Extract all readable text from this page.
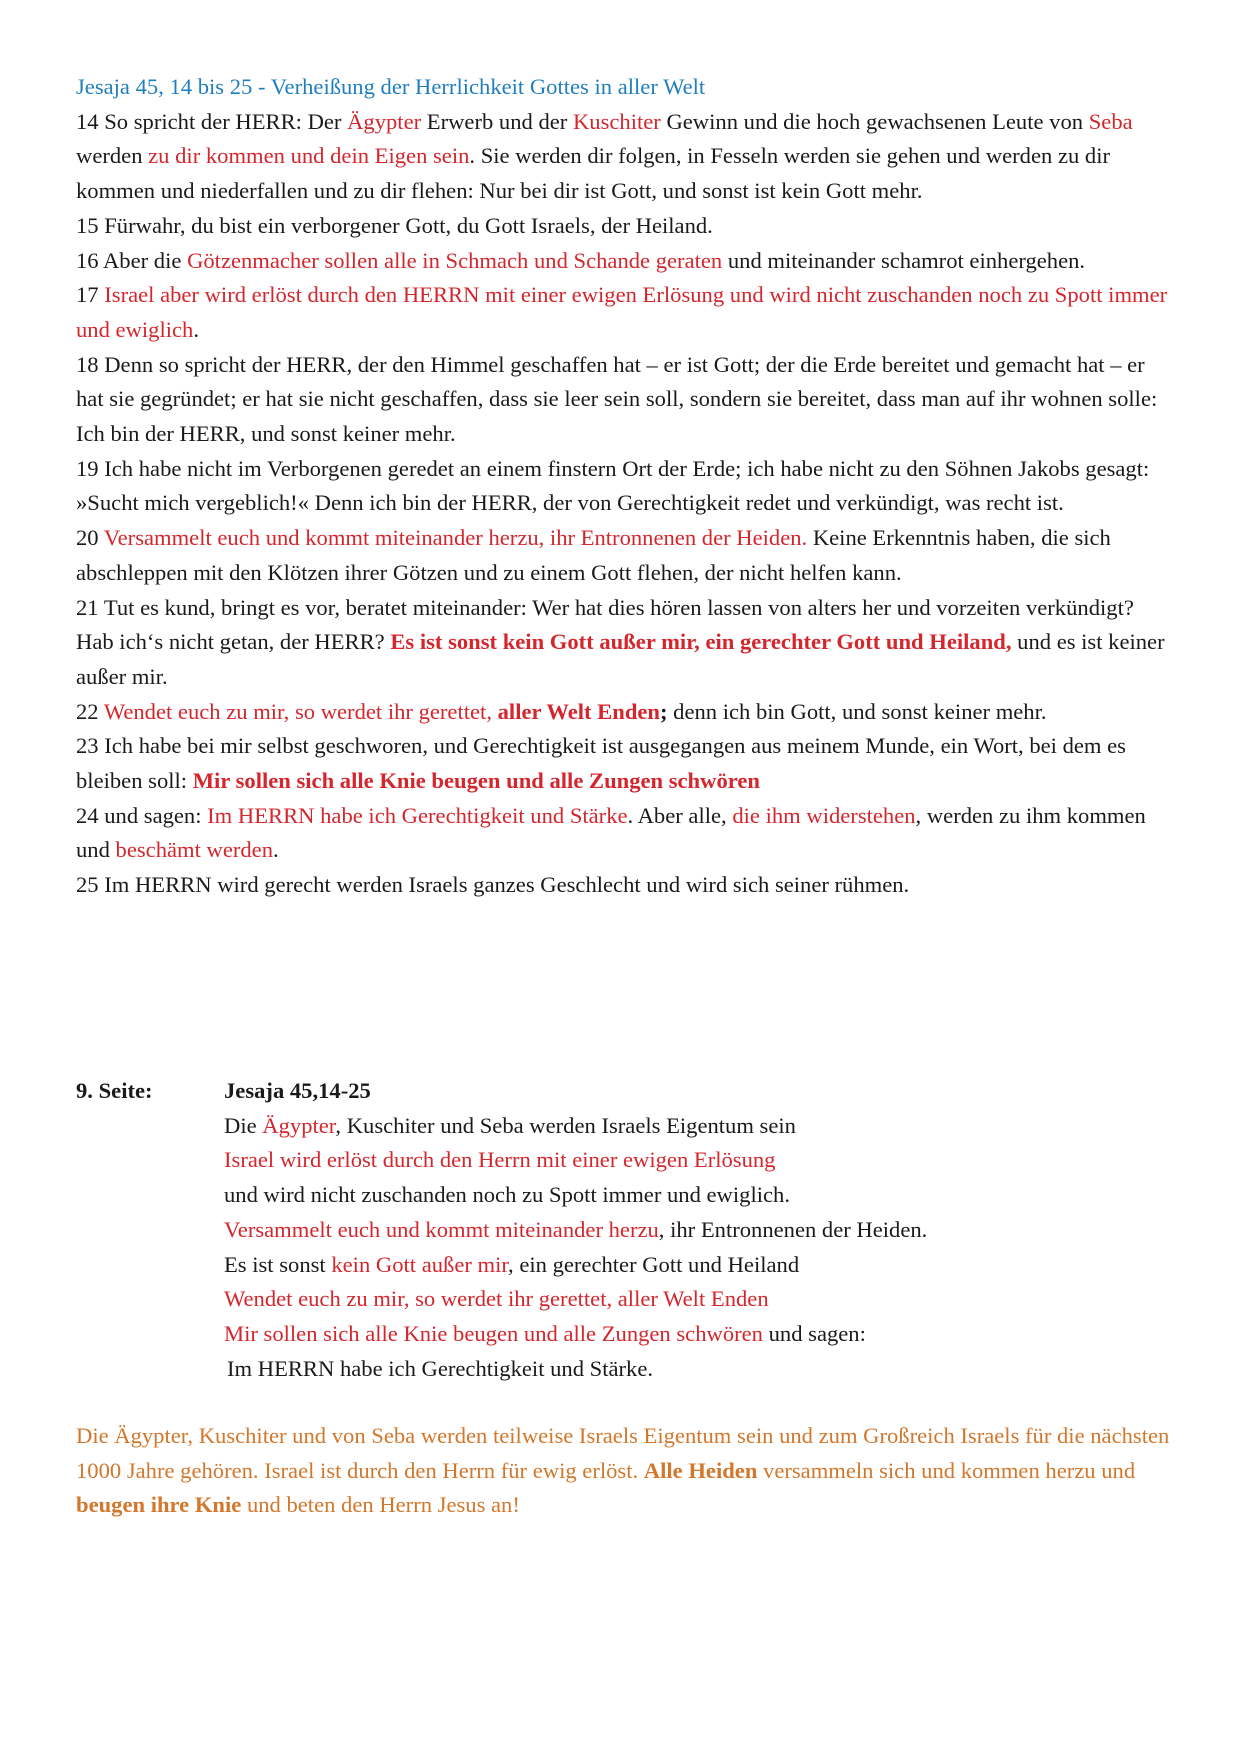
Jesaja 45, 14 bis 25 - Verheißung der Herrlichkeit Gottes in aller Welt
14 So spricht der HERR: Der Ägypter Erwerb und der Kuschiter Gewinn und die hoch gewachsenen Leute von Seba werden zu dir kommen und dein Eigen sein. Sie werden dir folgen, in Fesseln werden sie gehen und werden zu dir kommen und niederfallen und zu dir flehen: Nur bei dir ist Gott, und sonst ist kein Gott mehr.
15 Fürwahr, du bist ein verborgener Gott, du Gott Israels, der Heiland.
16 Aber die Götzenmacher sollen alle in Schmach und Schande geraten und miteinander schamrot einhergehen.
17 Israel aber wird erlöst durch den HERRN mit einer ewigen Erlösung und wird nicht zuschanden noch zu Spott immer und ewiglich.
18 Denn so spricht der HERR, der den Himmel geschaffen hat – er ist Gott; der die Erde bereitet und gemacht hat – er hat sie gegründet; er hat sie nicht geschaffen, dass sie leer sein soll, sondern sie bereitet, dass man auf ihr wohnen solle: Ich bin der HERR, und sonst keiner mehr.
19 Ich habe nicht im Verborgenen geredet an einem finstern Ort der Erde; ich habe nicht zu den Söhnen Jakobs gesagt: »Sucht mich vergeblich!« Denn ich bin der HERR, der von Gerechtigkeit redet und verkündigt, was recht ist.
20 Versammelt euch und kommt miteinander herzu, ihr Entronnenen der Heiden. Keine Erkenntnis haben, die sich abschleppen mit den Klötzen ihrer Götzen und zu einem Gott flehen, der nicht helfen kann.
21 Tut es kund, bringt es vor, beratet miteinander: Wer hat dies hören lassen von alters her und vorzeiten verkündigt? Hab ich‘s nicht getan, der HERR? Es ist sonst kein Gott außer mir, ein gerechter Gott und Heiland, und es ist keiner außer mir.
22 Wendet euch zu mir, so werdet ihr gerettet, aller Welt Enden; denn ich bin Gott, und sonst keiner mehr.
23 Ich habe bei mir selbst geschworen, und Gerechtigkeit ist ausgegangen aus meinem Munde, ein Wort, bei dem es bleiben soll: Mir sollen sich alle Knie beugen und alle Zungen schwören
24 und sagen: Im HERRN habe ich Gerechtigkeit und Stärke. Aber alle, die ihm widerstehen, werden zu ihm kommen und beschämt werden.
25 Im HERRN wird gerecht werden Israels ganzes Geschlecht und wird sich seiner rühmen.
9. Seite:	Jesaja 45,14-25
Die Ägypter, Kuschiter und Seba werden Israels Eigentum sein
Israel wird erlöst durch den Herrn mit einer ewigen Erlösung
und wird nicht zuschanden noch zu Spott immer und ewiglich.
Versammelt euch und kommt miteinander herzu, ihr Entronnenen der Heiden.
Es ist sonst kein Gott außer mir, ein gerechter Gott und Heiland
Wendet euch zu mir, so werdet ihr gerettet, aller Welt Enden
Mir sollen sich alle Knie beugen und alle Zungen schwören und sagen:
Im HERRN habe ich Gerechtigkeit und Stärke.
Die Ägypter, Kuschiter und von Seba werden teilweise Israels Eigentum sein und zum Großreich Israels für die nächsten 1000 Jahre gehören. Israel ist durch den Herrn für ewig erlöst. Alle Heiden versammeln sich und kommen herzu und beugen ihre Knie und beten den Herrn Jesus an!
